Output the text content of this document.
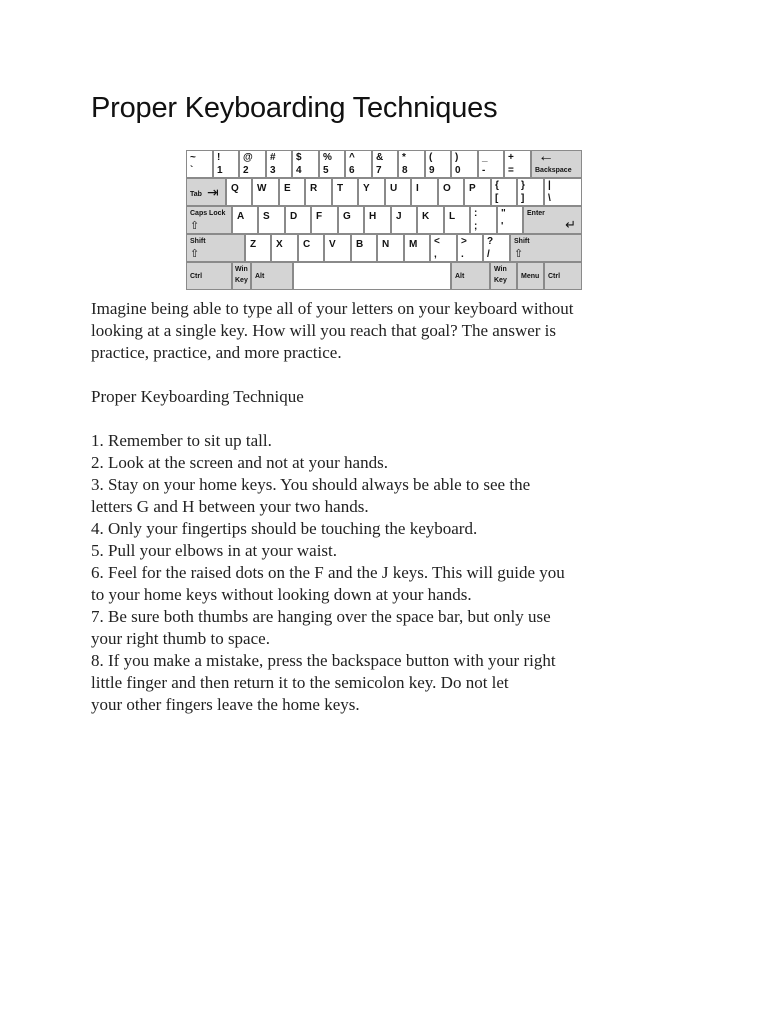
Proper Keyboarding Techniques
~
`
!
1
@
2
#
3
$
4
%
5
^
6
&
7
*
8
(
9
)
0
_
-
+
=
←
Backspace
Tab ⇥ Q W E R T Y U I O P {
[
}
]
|
\
Caps Lock
⇧
A S D F G H J K L :
;
"
'
Enter
↵
Shift
⇧
Z X C V B N M <
,
>
.
?
/
Shift
⇧
Ctrl
Win
Key
Alt	Alt
Win
Key
Menu Ctrl

Imagine being able to type all of your letters on your keyboard without

looking at a single key. How will you reach that goal? The answer is

practice, practice, and more practice.

Proper Keyboarding Technique

1. Remember to sit up tall.

2. Look at the screen and not at your hands.

3. Stay on your home keys. You should always be able to see the

letters G and H between your two hands.

4. Only your fingertips should be touching the keyboard.

5. Pull your elbows in at your waist.

6. Feel for the raised dots on the F and the J keys. This will guide you

to your home keys without looking down at your hands.

7. Be sure both thumbs are hanging over the space bar, but only use

your right thumb to space.

8. If you make a mistake, press the backspace button with your right

little finger and then return it to the semicolon key. Do not let

your other fingers leave the home keys.
